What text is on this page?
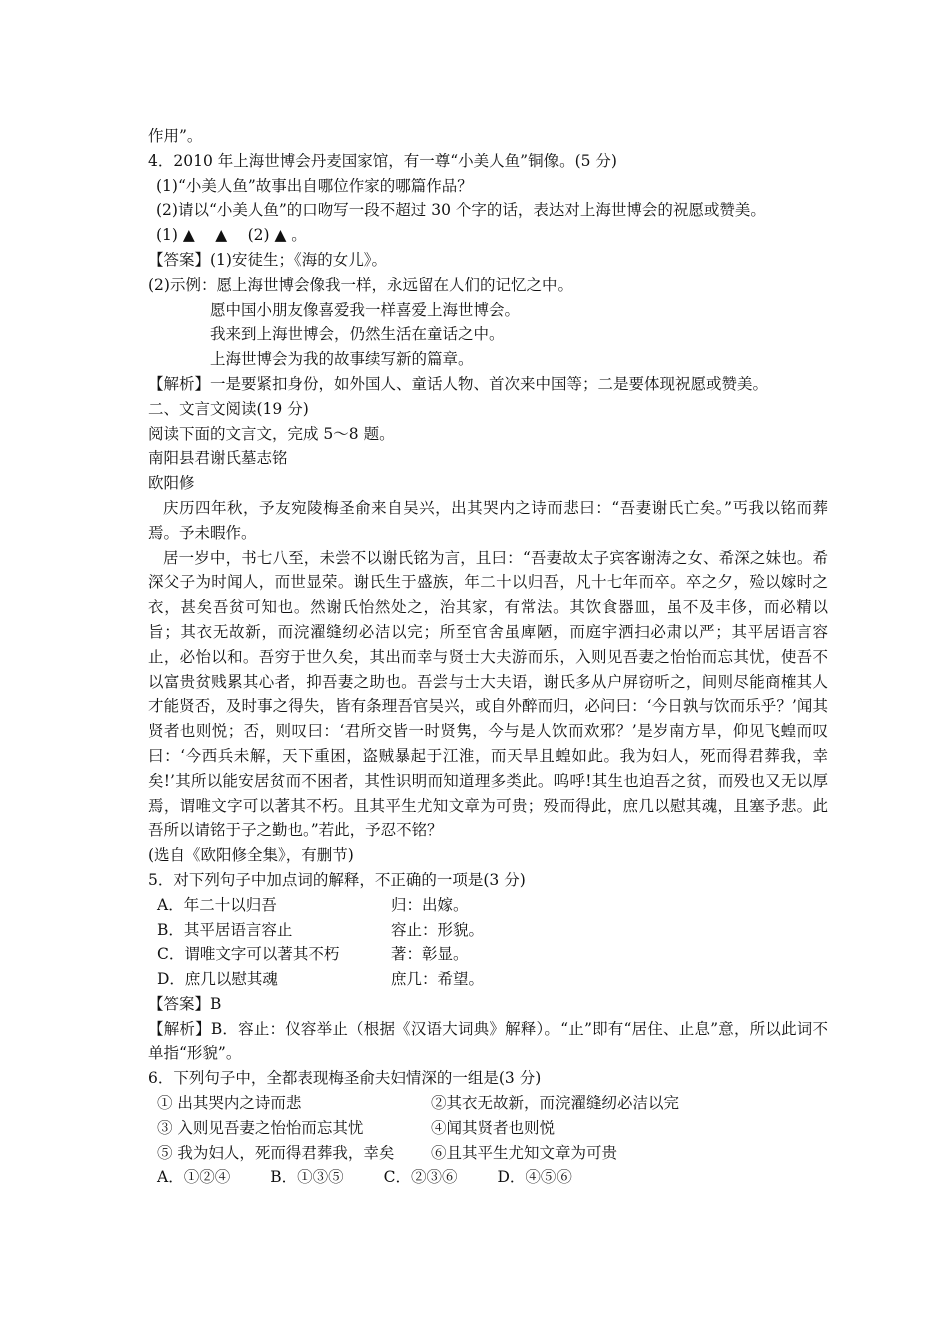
作用”。
4．2010 年上海世博会丹麦国家馆，有一尊“小美人鱼”铜像。(5 分)
(1)“小美人鱼”故事出自哪位作家的哪篇作品？
(2)请以“小美人鱼”的口吻写一段不超过 30 个字的话，表达对上海世博会的祝愿或赞美。
(1) ▲　 ▲　 (2) ▲ 。
【答案】(1)安徒生；《海的女儿》。
(2)示例：愿上海世博会像我一样，永远留在人们的记忆之中。
愿中国小朋友像喜爱我一样喜爱上海世博会。
我来到上海世博会，仍然生活在童话之中。
上海世博会为我的故事续写新的篇章。
【解析】一是要紧扣身份，如外国人、童话人物、首次来中国等；二是要体现祝愿或赞美。
二、文言文阅读(19 分)
阅读下面的文言文，完成 5～8 题。
南阳县君谢氏墓志铭
欧阳修
庆历四年秋，予友宛陵梅圣俞来自吴兴，出其哭内之诗而悲曰：“吾妻谢氏亡矣。”丐我以铭而葬焉。予未暇作。
居一岁中，书七八至，未尝不以谢氏铭为言，且曰：“吾妻故太子宾客谢涛之女、希深之妹也。希深父子为时闻人，而世显荣。谢氏生于盛族，年二十以归吾，凡十七年而卒。卒之夕，殓以嫁时之衣，甚矣吾贫可知也。然谢氏怡然处之，治其家，有常法。其饮食器皿，虽不及丰侈，而必精以旨；其衣无故新，而浣濯缝纫必洁以完；所至官舍虽庳陋，而庭宇洒扫必肃以严；其平居语言容止，必怡以和。吾穷于世久矣，其出而幸与贤士大夫游而乐，入则见吾妻之怡怡而忘其忧，使吾不以富贵贫贱累其心者，抑吾妻之助也。吾尝与士大夫语，谢氏多从户屏窃听之，间则尽能商榷其人才能贤否，及时事之得失，皆有条理吾官吴兴，或自外醉而归，必问曰：‘今日孰与饮而乐乎？’闻其贤者也则悦；否，则叹曰：‘君所交皆一时贤隽，今与是人饮而欢邪？’是岁南方旱，仰见飞蝗而叹曰：‘今西兵未解，天下重困，盗贼暴起于江淮，而天旱且蝗如此。我为妇人，死而得君葬我，幸矣!’其所以能安居贫而不困者，其性识明而知道理多类此。呜呼!其生也迫吾之贫，而殁也又无以厚焉，谓唯文字可以著其不朽。且其平生尤知文章为可贵；殁而得此，庶几以慰其魂，且塞予悲。此吾所以请铭于子之勤也。”若此，予忍不铭？
(选自《欧阳修全集》，有删节)
5．对下列句子中加点词的解释，不正确的一项是(3 分)
A．年二十以归吾	归：出嫁。
B．其平居语言容止	容止：形貌。
C．谓唯文字可以著其不朽	著：彰显。
D．庶几以慰其魂	庶几：希望。
【答案】B
【解析】B．容止：仪容举止（根据《汉语大词典》解释）。“止”即有“居住、止息”意，所以此词不单指“形貌”。
6．下列句子中，全都表现梅圣俞夫妇情深的一组是(3 分)
① 出其哭内之诗而悲	②其衣无故新，而浣濯缝纫必洁以完
③ 入则见吾妻之怡怡而忘其忧	④闻其贤者也则悦
⑤ 我为妇人，死而得君葬我，幸矣	⑥且其平生尤知文章为可贵
A．①②④	B．①③⑤	C．②③⑥	D．④⑤⑥
